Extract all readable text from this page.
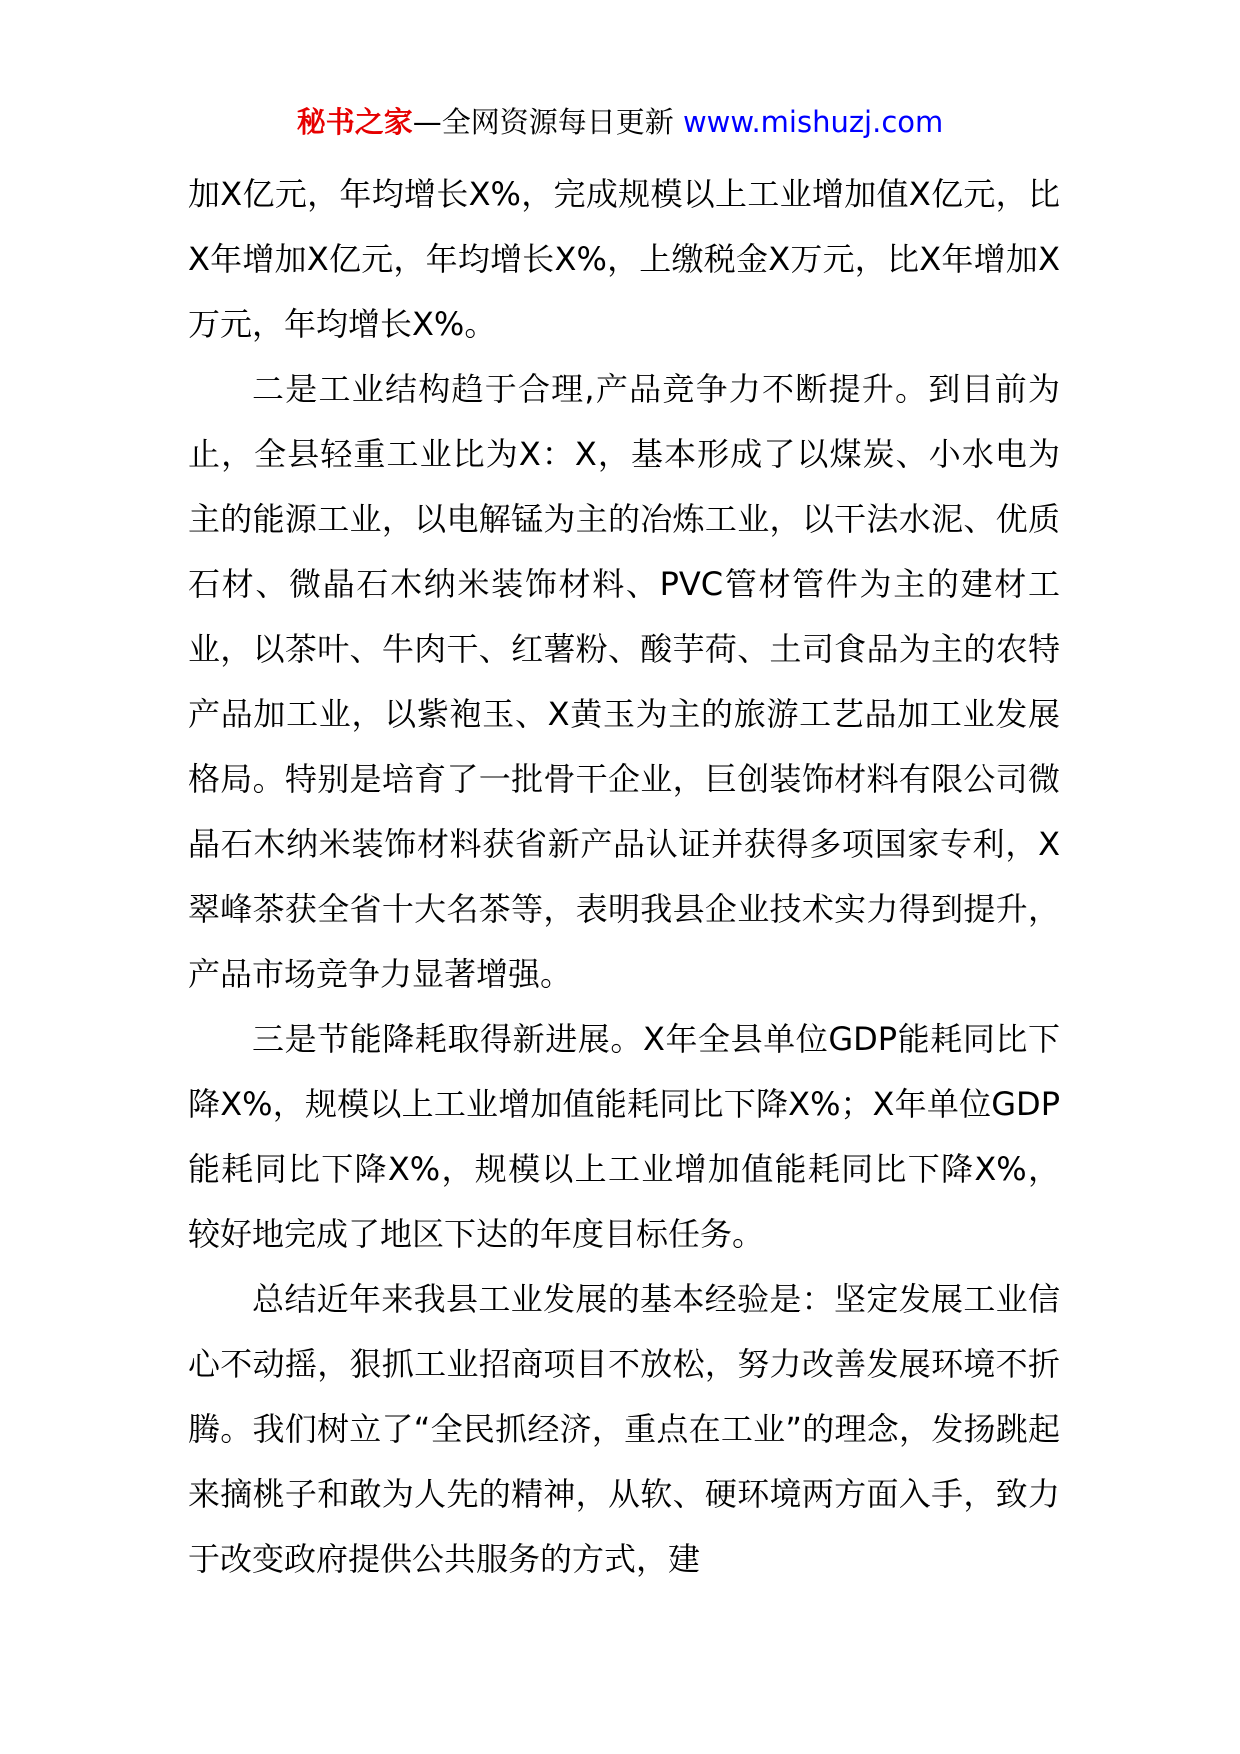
秘书之家—全网资源每日更新 www.mishuzj.com

加X亿元，年均增长X%，完成规模以上工业增加值X亿元，比X年增加X亿元，年均增长X%，上缴税金X万元，比X年增加X万元，年均增长X%。

二是工业结构趋于合理,产品竞争力不断提升。到目前为止，全县轻重工业比为X：X，基本形成了以煤炭、小水电为主的能源工业，以电解锰为主的冶炼工业，以干法水泥、优质石材、微晶石木纳米装饰材料、PVC管材管件为主的建材工业，以茶叶、牛肉干、红薯粉、酸芋荷、土司食品为主的农特产品加工业，以紫袍玉、X黄玉为主的旅游工艺品加工业发展格局。特别是培育了一批骨干企业，巨创装饰材料有限公司微晶石木纳米装饰材料获省新产品认证并获得多项国家专利，X翠峰茶获全省十大名茶等，表明我县企业技术实力得到提升，产品市场竞争力显著增强。

三是节能降耗取得新进展。X年全县单位GDP能耗同比下降X%，规模以上工业增加值能耗同比下降X%；X年单位GDP能耗同比下降X%，规模以上工业增加值能耗同比下降X%，较好地完成了地区下达的年度目标任务。

总结近年来我县工业发展的基本经验是：坚定发展工业信心不动摇，狠抓工业招商项目不放松，努力改善发展环境不折腾。我们树立了“全民抓经济，重点在工业”的理念，发扬跳起来摘桃子和敢为人先的精神，从软、硬环境两方面入手，致力于改变政府提供公共服务的方式，建
